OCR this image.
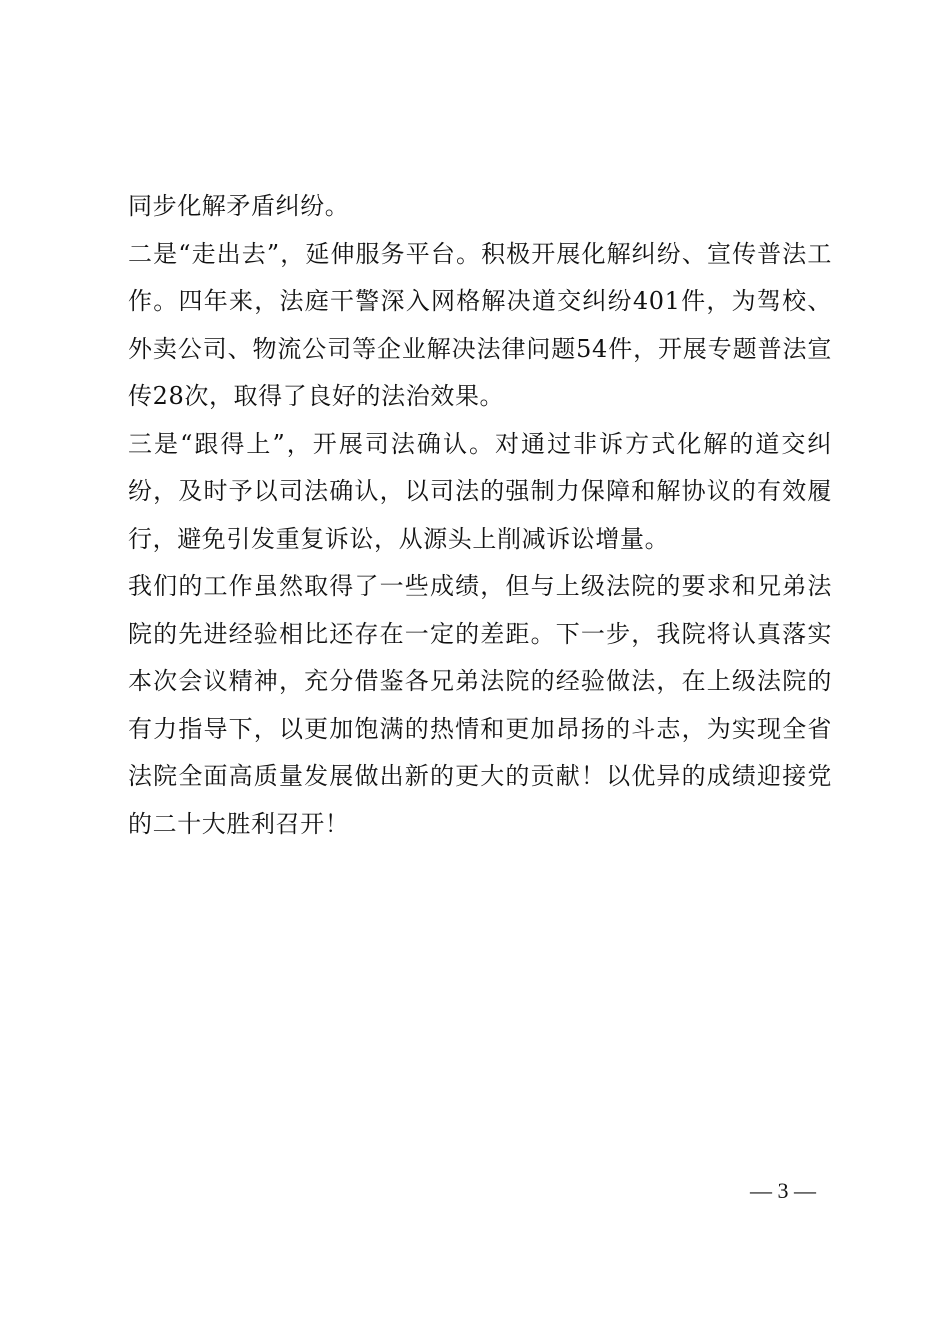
同步化解矛盾纠纷。

二是“走出去”，延伸服务平台。积极开展化解纠纷、宣传普法工作。四年来，法庭干警深入网格解决道交纠纷401件，为驾校、外卖公司、物流公司等企业解决法律问题54件，开展专题普法宣传28次，取得了良好的法治效果。

三是“跟得上”，开展司法确认。对通过非诉方式化解的道交纠纷，及时予以司法确认，以司法的强制力保障和解协议的有效履行，避免引发重复诉讼，从源头上削减诉讼增量。

我们的工作虽然取得了一些成绩，但与上级法院的要求和兄弟法院的先进经验相比还存在一定的差距。下一步，我院将认真落实本次会议精神，充分借鉴各兄弟法院的经验做法，在上级法院的有力指导下，以更加饱满的热情和更加昂扬的斗志，为实现全省法院全面高质量发展做出新的更大的贡献！以优异的成绩迎接党的二十大胜利召开！

— 3 —
